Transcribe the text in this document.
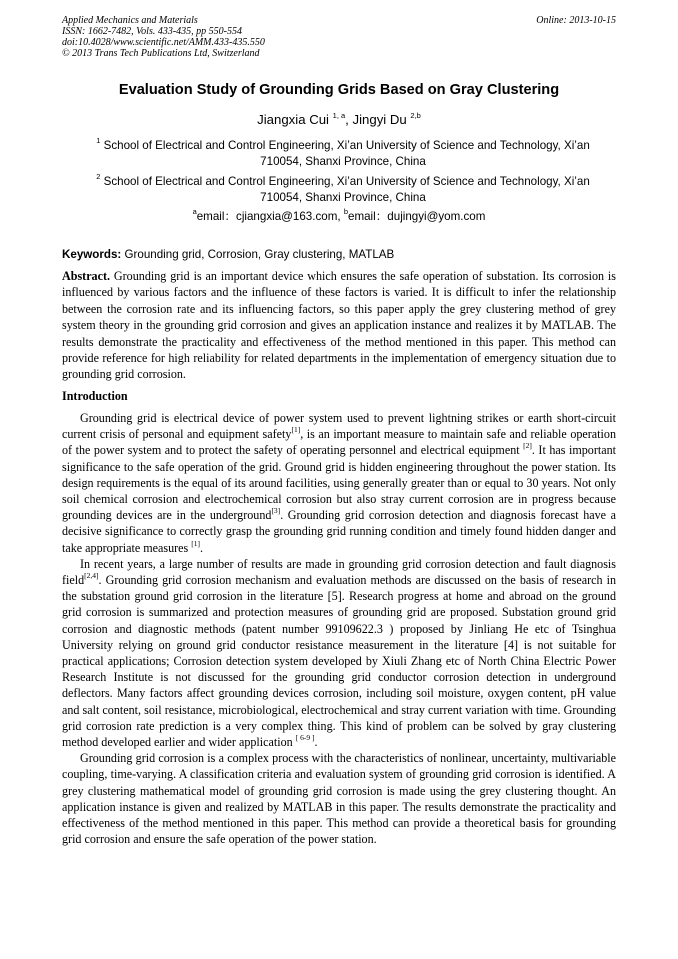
Applied Mechanics and Materials
ISSN: 1662-7482, Vols. 433-435, pp 550-554
doi:10.4028/www.scientific.net/AMM.433-435.550
© 2013 Trans Tech Publications Ltd, Switzerland
Online: 2013-10-15
Evaluation Study of Grounding Grids Based on Gray Clustering
Jiangxia Cui $^{1, a}$, Jingyi Du $^{2,b}$
$^1$ School of Electrical and Control Engineering, Xi’an University of Science and Technology, Xi’an
710054, Shanxi Province, China
$^2$ School of Electrical and Control Engineering, Xi’an University of Science and Technology, Xi’an
710054, Shanxi Province, China
$^a$email：cjiangxia@163.com, $^b$email：dujingyi@yom.com
Keywords: Grounding grid, Corrosion, Gray clustering, MATLAB

Abstract. Grounding grid is an important device which ensures the safe operation of substation. Its corrosion is influenced by various factors and the influence of these factors is varied. It is difficult to infer the relationship between the corrosion rate and its influencing factors, so this paper apply the grey clustering method of grey system theory in the grounding grid corrosion and gives an application instance and realizes it by MATLAB. The results demonstrate the practicality and effectiveness of the method mentioned in this paper. This method can provide reference for high reliability for related departments in the implementation of emergency situation due to grounding grid corrosion.

Introduction

Grounding grid is electrical device of power system used to prevent lightning strikes or earth short-circuit current crisis of personal and equipment safety[1], is an important measure to maintain safe and reliable operation of the power system and to protect the safety of operating personnel and electrical equipment [2]. It has important significance to the safe operation of the grid. Ground grid is hidden engineering throughout the power station. Its design requirements is the equal of its around facilities, using generally greater than or equal to 30 years. Not only soil chemical corrosion and electrochemical corrosion but also stray current corrosion are in progress because grounding devices are in the underground[3]. Grounding grid corrosion detection and diagnosis forecast have a decisive significance to correctly grasp the grounding grid running condition and timely found hidden danger and take appropriate measures [1].

In recent years, a large number of results are made in grounding grid corrosion detection and fault diagnosis field[2,4]. Grounding grid corrosion mechanism and evaluation methods are discussed on the basis of research in the substation ground grid corrosion in the literature [5]. Research progress at home and abroad on the ground grid corrosion is summarized and protection measures of grounding grid are proposed. Substation ground grid corrosion and diagnostic methods (patent number 99109622.3 ) proposed by Jinliang He etc of Tsinghua University relying on ground grid conductor resistance measurement in the literature [4] is not suitable for practical applications; Corrosion detection system developed by Xiuli Zhang etc of North China Electric Power Research Institute is not discussed for the grounding grid conductor corrosion detection in underground deflectors. Many factors affect grounding devices corrosion, including soil moisture, oxygen content, pH value and salt content, soil resistance, microbiological, electrochemical and stray current variation with time. Grounding grid corrosion rate prediction is a very complex thing. This kind of problem can be solved by gray clustering method developed earlier and wider application [ 6-9 ].

Grounding grid corrosion is a complex process with the characteristics of nonlinear, uncertainty, multivariable coupling, time-varying. A classification criteria and evaluation system of grounding grid corrosion is identified. A grey clustering mathematical model of grounding grid corrosion is made using the grey clustering thought. An application instance is given and realized by MATLAB in this paper. The results demonstrate the practicality and effectiveness of the method mentioned in this paper. This method can provide a theoretical basis for grounding grid corrosion and ensure the safe operation of the power station.
